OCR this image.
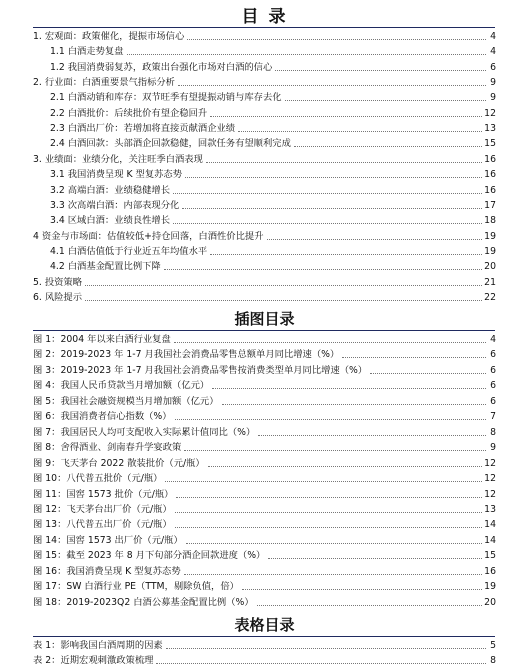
目 录
1. 宏观面：政策催化，提振市场信心	4
1.1 白酒走势复盘	4
1.2 我国消费弱复苏，政策出台强化市场对白酒的信心	6
2. 行业面：白酒重要景气指标分析	9
2.1 白酒动销和库存：双节旺季有望提振动销与库存去化	9
2.2 白酒批价：后续批价有望企稳回升	12
2.3 白酒出厂价：若增加将直接贡献酒企业绩	13
2.4 白酒回款：头部酒企回款稳健，回款任务有望顺利完成	15
3. 业绩面：业绩分化，关注旺季白酒表现	16
3.1 我国消费呈现 K 型复苏态势	16
3.2 高端白酒：业绩稳健增长	16
3.3 次高端白酒：内部表现分化	17
3.4 区域白酒：业绩良性增长	18
4 资金与市场面：估值较低+持仓回落，白酒性价比提升	19
4.1 白酒估值低于行业近五年均值水平	19
4.2 白酒基金配置比例下降	20
5. 投资策略	21
6. 风险提示	22
插图目录
图 1：2004 年以来白酒行业复盘	4
图 2：2019-2023 年 1-7 月我国社会消费品零售总额单月同比增速（%）	6
图 3：2019-2023 年 1-7 月我国社会消费品零售按消费类型单月同比增速（%）	6
图 4：我国人民币贷款当月增加额（亿元）	6
图 5：我国社会融资规模当月增加额（亿元）	6
图 6：我国消费者信心指数（%）	7
图 7：我国居民人均可支配收入实际累计值同比（%）	8
图 8：舍得酒业、剑南春升学宴政策	9
图 9：飞天茅台 2022 散装批价（元/瓶）	12
图 10：八代普五批价（元/瓶）	12
图 11：国窖 1573 批价（元/瓶）	12
图 12：飞天茅台出厂价（元/瓶）	13
图 13：八代普五出厂价（元/瓶）	14
图 14：国窖 1573 出厂价（元/瓶）	14
图 15：截至 2023 年 8 月下旬部分酒企回款进度（%）	15
图 16：我国消费呈现 K 型复苏态势	16
图 17：SW 白酒行业 PE（TTM，剔除负值，倍）	19
图 18：2019-2023Q2 白酒公募基金配置比例（%）	20
表格目录
表 1：影响我国白酒周期的因素	5
表 2：近期宏观刺激政策梳理	8
